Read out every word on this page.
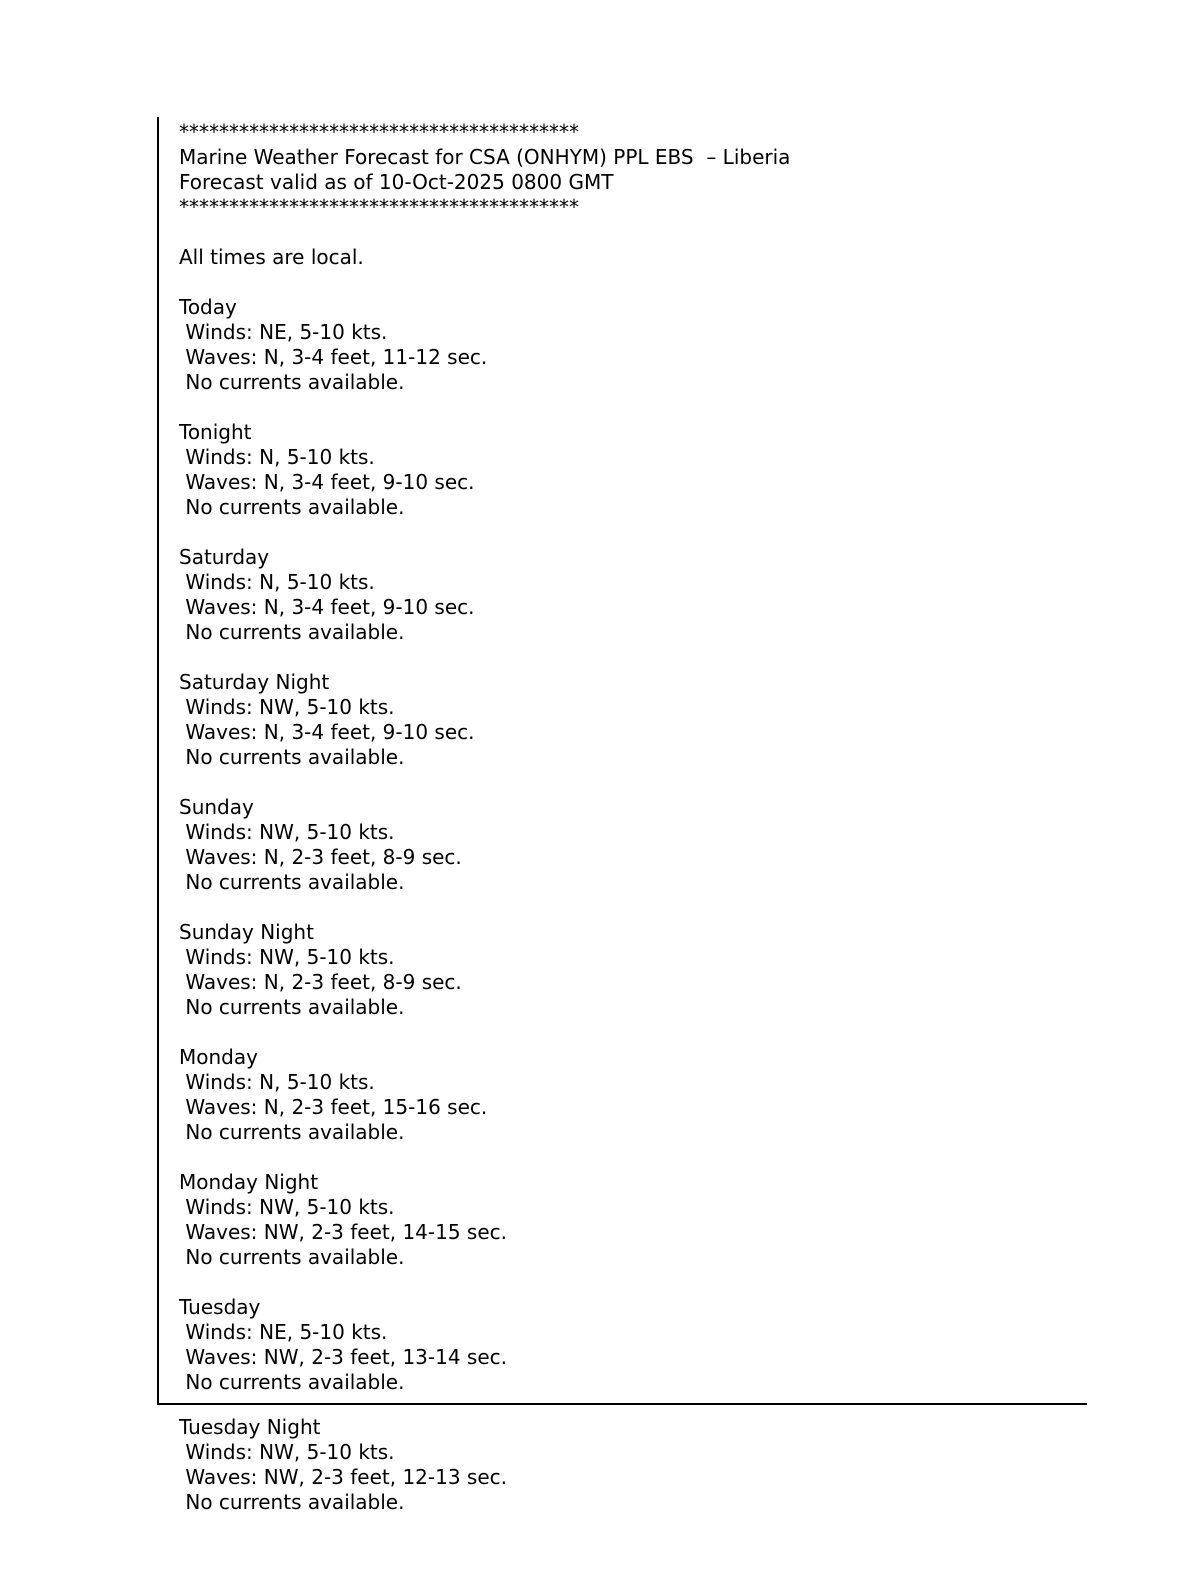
****************************************
Marine Weather Forecast for CSA (ONHYM) PPL EBS  – Liberia
Forecast valid as of 10-Oct-2025 0800 GMT
****************************************
All times are local.
Today
Winds: NE, 5-10 kts.
Waves: N, 3-4 feet, 11-12 sec.
No currents available.
Tonight
Winds: N, 5-10 kts.
Waves: N, 3-4 feet, 9-10 sec.
No currents available.
Saturday
Winds: N, 5-10 kts.
Waves: N, 3-4 feet, 9-10 sec.
No currents available.
Saturday Night
Winds: NW, 5-10 kts.
Waves: N, 3-4 feet, 9-10 sec.
No currents available.
Sunday
Winds: NW, 5-10 kts.
Waves: N, 2-3 feet, 8-9 sec.
No currents available.
Sunday Night
Winds: NW, 5-10 kts.
Waves: N, 2-3 feet, 8-9 sec.
No currents available.
Monday
Winds: N, 5-10 kts.
Waves: N, 2-3 feet, 15-16 sec.
No currents available.
Monday Night
Winds: NW, 5-10 kts.
Waves: NW, 2-3 feet, 14-15 sec.
No currents available.
Tuesday
Winds: NE, 5-10 kts.
Waves: NW, 2-3 feet, 13-14 sec.
No currents available.
Tuesday Night
Winds: NW, 5-10 kts.
Waves: NW, 2-3 feet, 12-13 sec.
No currents available.
